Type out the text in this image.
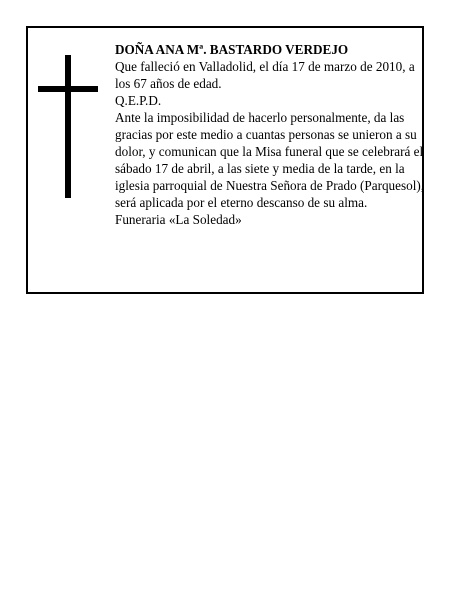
DOÑA ANA Mª. BASTARDO VERDEJO

Que falleció en Valladolid, el día 17 de marzo de 2010, a los 67 años de edad.

Q.E.P.D.

Ante la imposibilidad de hacerlo personalmente, da las gracias por este medio a cuantas personas se unieron a su dolor, y comunican que la Misa funeral que se celebrará el sábado 17 de abril, a las siete y media de la tarde, en la iglesia parroquial de Nuestra Señora de Prado (Parquesol), será aplicada por el eterno descanso de su alma.

Funeraria «La Soledad»
